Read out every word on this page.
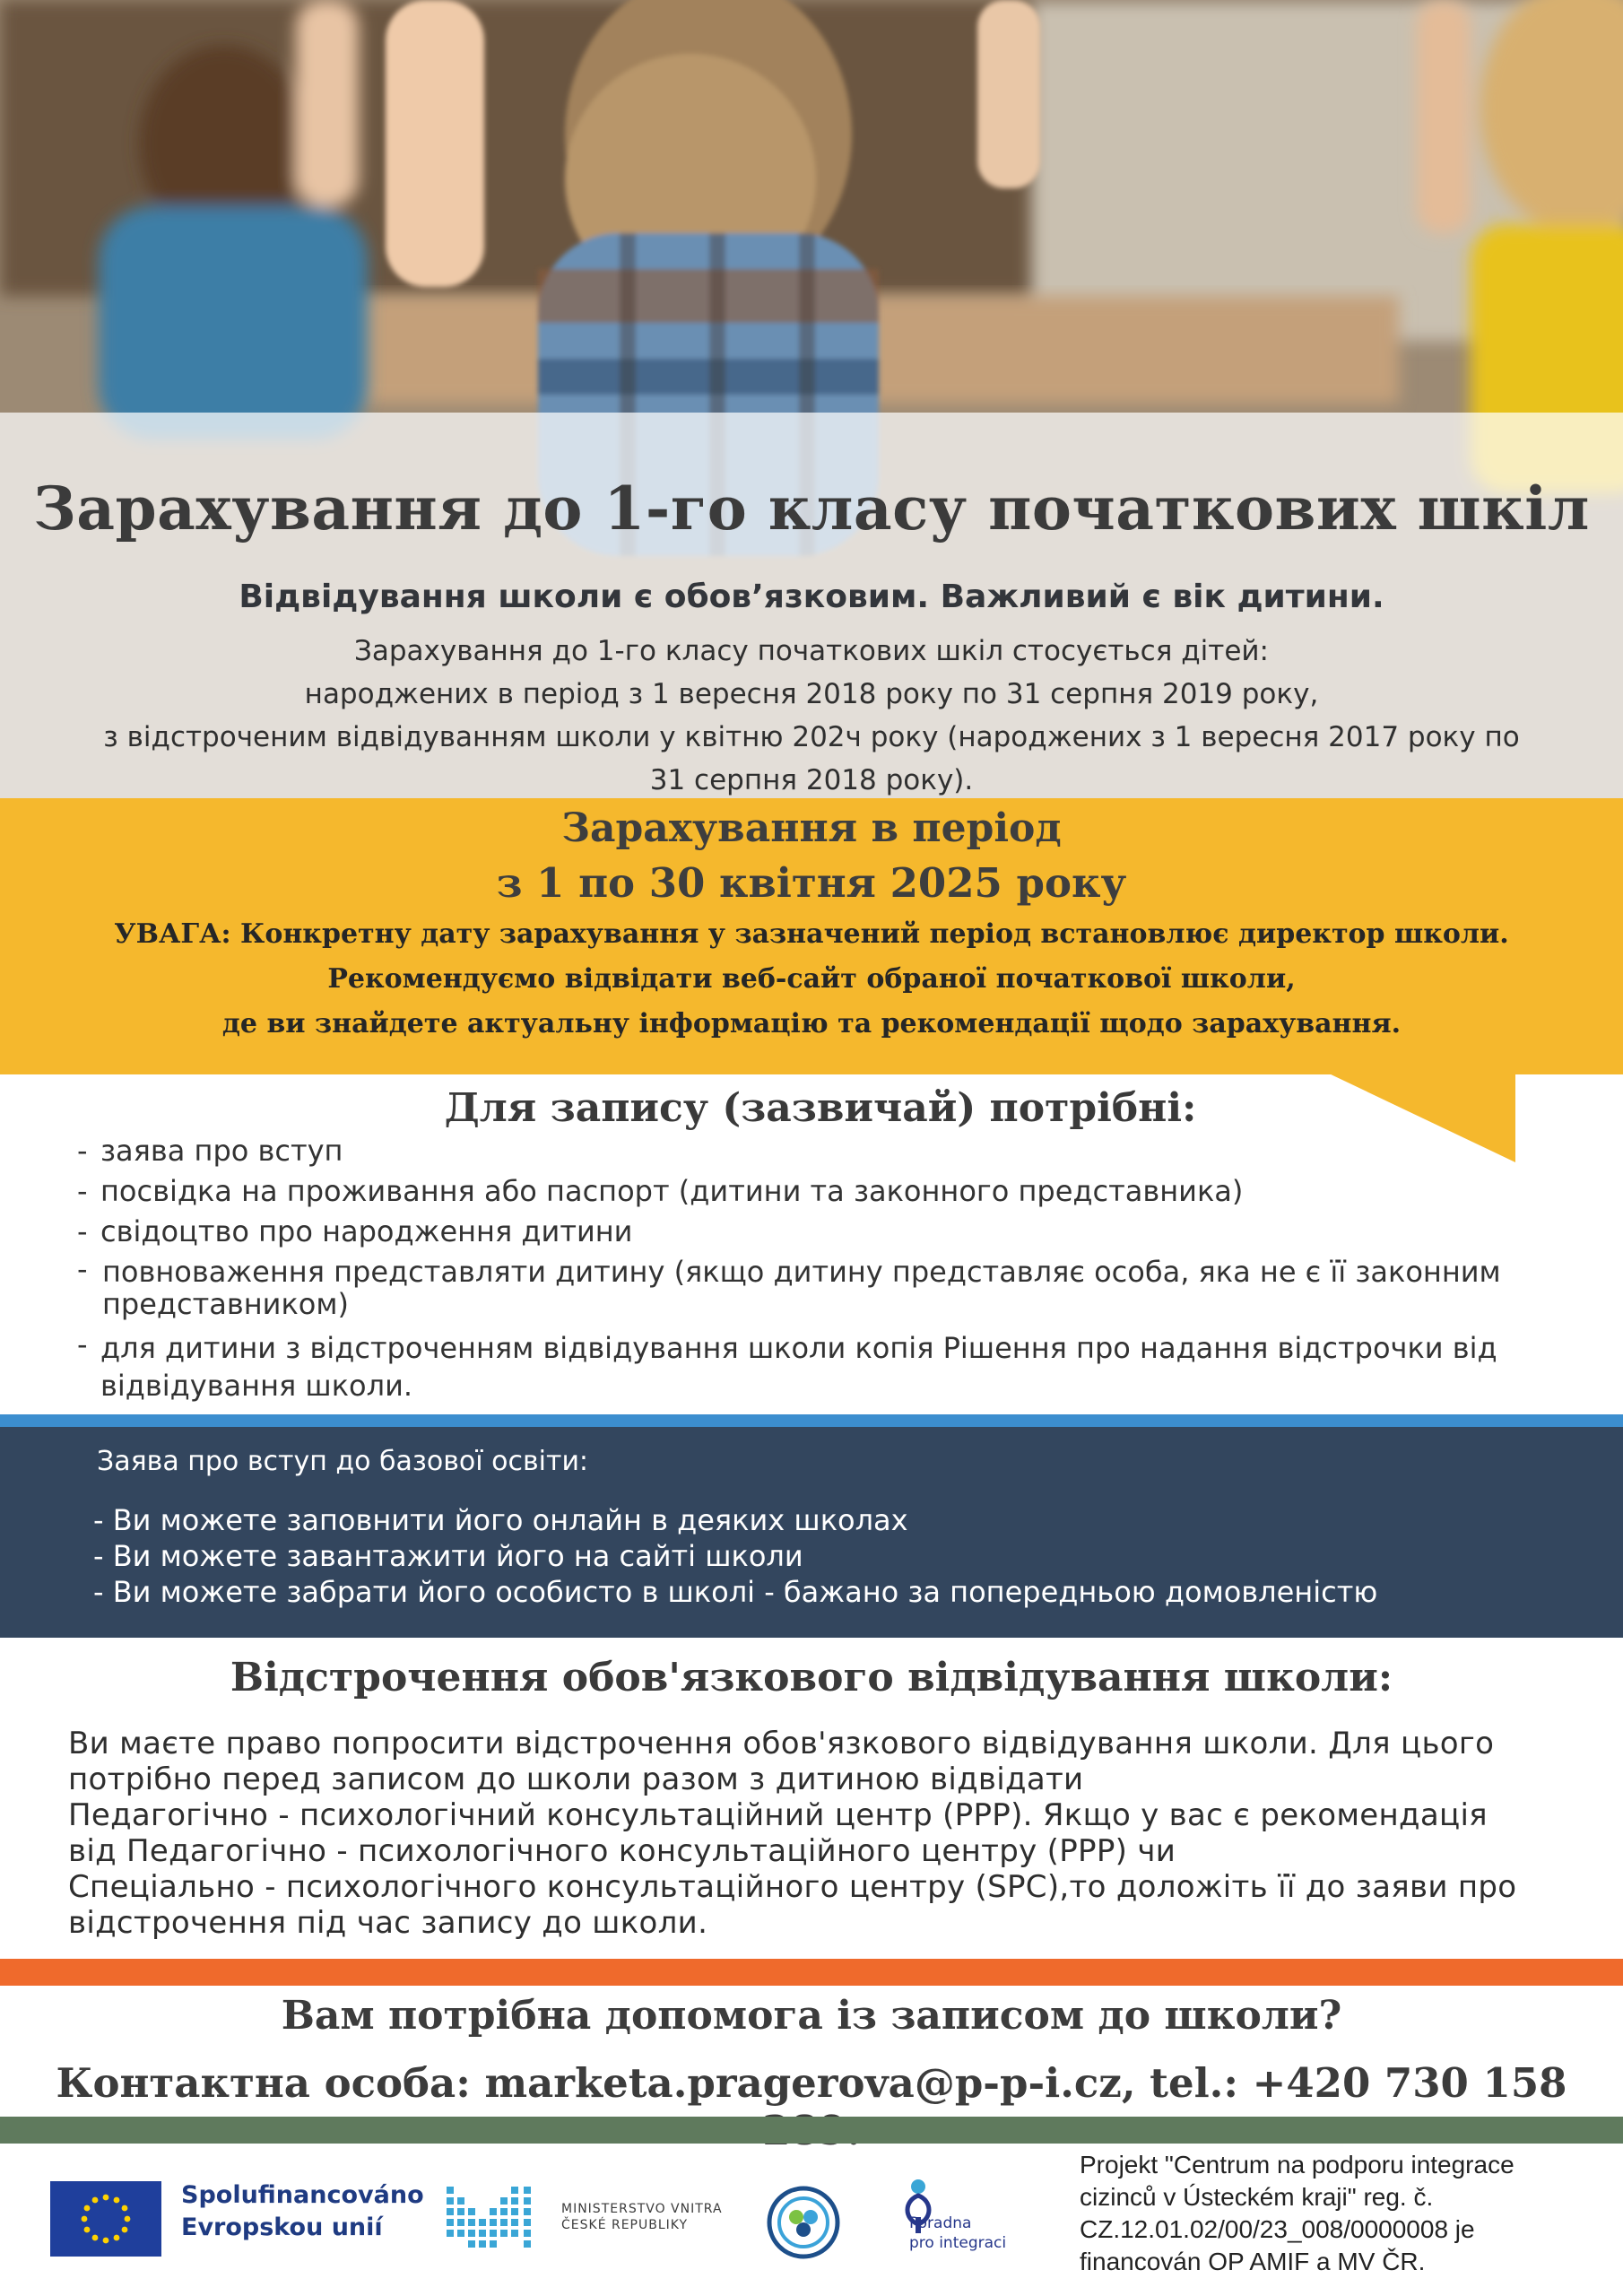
Зарахування до 1-го класу початкових шкіл
Відвідування школи є обов’язковим. Важливий є вік дитини.
Зарахування до 1-го класу початкових шкіл стосується дітей:
народжених в період з 1 вересня 2018 року по 31 серпня 2019 року,
з відстроченим відвідуванням школи у квітню 202ч року (народжених з 1 вересня 2017 року по
31 серпня 2018 року).
Зарахування в період
з 1 по 30 квітня 2025 року
УВАГА: Конкретну дату зарахування у зазначений період встановлює директор школи.
Рекомендуємо відвідати веб-сайт обраної початкової школи,
де ви знайдете актуальну інформацію та рекомендації щодо зарахування.
Для запису (зазвичай) потрібні:
- заява про вступ
- посвідка на проживання або паспорт (дитини та законного представника)
- свідоцтво про народження дитини
- повноваження представляти дитину (якщо дитину представляє особа, яка не є її законним представником)
- для дитини з відстроченням відвідування школи копія Рішення про надання відстрочки від відвідування школи.
Заява про вступ до базової освіти:
- Ви можете заповнити його онлайн в деяких школах
- Ви можете завантажити його на сайті школи
- Ви можете забрати його особисто в школі - бажано за попередньою домовленістю
Відстрочення обов'язкового відвідування школи:
Ви маєте право попросити відстрочення обов'язкового відвідування школи. Для цього
потрібно перед записом до школи разом з дитиною відвідати
Педагогічно - психологічний консультаційний центр (PPP). Якщо у вас є рекомендація
від Педагогічно - психологічного консультаційного центру (PPP) чи
Спеціально - психологічного консультаційного центру (SPC),то доложіть її до заяви про
відстрочення під час запису до школи.
Вам потрібна допомога із записом до школи?
Контактна особа: marketa.pragerova@p-p-i.cz, tel.: +420 730 158
Spolufinancováno
Evropskou unií
MINISTERSTVO VNITRA
ČESKÉ REPUBLIKY	Poradna
pro integraci
Projekt "Centrum na podporu integrace
cizinců v Ústeckém kraji" reg. č.
CZ.12.01.02/00/23_008/0000008 je
financován OP AMIF a MV ČR.
